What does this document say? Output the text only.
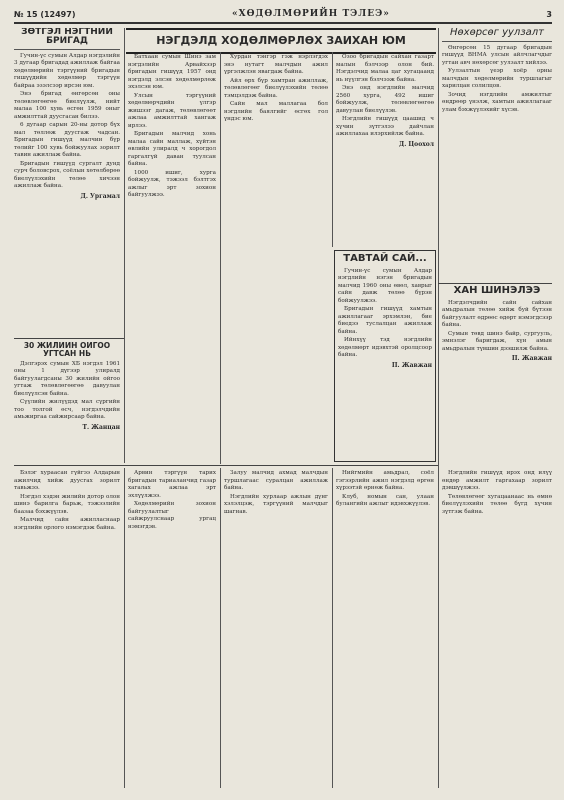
№ 15 (12497)	«ХӨДӨЛМӨРИЙН ТЭЛЕЭ»	3
НЭГДЭЛД ХОДӨЛМӨРЛӨХ ЗАИХАН ЮМ
ЗӨТГЭЛ НЭГТНИЙ БРИГАД

Гучин-үс сумын Алдар нэгдэлийн 3 дугаар бригадад ажиллаж байгаа хөдөлмөрийн тэргүүний бригадын гишүүдийн хөдөлмөр тэргүүн байраа эзэлсээр ирсэн юм.

Энэ бригад өнгөрсөн оны төлөвлөгөөгөө биелүүлж, нийт малаа 100 хувь өсгөн 1959 оныг амжилттай дуусгасан билээ.

6 дугаар сарын 20-ны дотор бүх мал төллөж дуусгаж чадсан. Бригадын гишүүд малчин бүр төлийг 100 хувь бойжуулах зорилт тавин ажиллаж байна.

Бригадын гишүүд сургалт дунд сурч боловсрох, соёлын хөтөлбөрөө биелүүлэхийн төлөө хичээн ажиллаж байна.

Д. Ургамал
30 ЖИЛИЙН ОЙГОО УГТСАН НЬ

Дэлгэрэх сумын ХБ нэгдэл 1961 оны 1 дүгээр улиралд байгуулагдсаны 30 жилийн ойгоо угтаж төлөвлөгөөгөө давуулан биелүүлсэн байна.

Сүүлийн жилүүдэд мал сүргийн тоо толгой өсч, нэгдэлчдийн амьжиргаа сайжирсаар байна.

Т. Жанцан

Батхаан сумын Шинэ зам нэгдэлийн Арвайхээр бригадын гишүүд 1957 онд нэгдэлд элсэн хөдөлмөрлөж эхэлсэн юм.

Улсын тэргүүний хөдөлмөрчдийн үлгэр жишээг дагаж, төлөвлөгөөт ажлаа амжилттай хангаж ирлээ.

Бригадын малчид хонь малаа сайн маллаж, хүйтэн өвлийн улиралд ч хорогдол гаргалгүй даван туулсан байна.

1000 ишиг, хурга бойжуулж, тэжээл бэлтгэх ажлыг эрт зохион байгуулжээ.

Хурдан тэнгэр гэж нэрлэгдэх энэ нутагт малчдын ажил үргэлжлэн явагдаж байна.

Айл өрх бүр хамтран ажиллаж, төлөвлөгөөг биелүүлэхийн төлөө тэмцэлдэж байна.

Сайн мал маллагаа бол нэгдлийн баялгийг өсгөх гол үндэс юм.

Озоо бригадын сайхан газарт малын бэлчээр олон бий. Нэгдэлчид малаа цаг хугацаанд нь нүүлгэн бэлчээж байна.

Энэ онд нэгдлийн малчид 2560 хурга, 492 ишиг бойжуулж, төлөвлөгөөгөө давуулан биелүүлэв.

Нэгдлийн гишүүд цаашид ч хүчин зүтгэлээ дайчлан ажиллахаа илэрхийлж байна.

Д. Цоохол
ТАВТАЙ САЙ...

Гучин-үс сумын Алдар нэгдлийн нэгэн бригадын малчид 1960 оны өвөл, хаврыг сайн давж төлөө бүрэн бойжуулжээ.

Бригадын гишүүд хамтын ажиллагааг эрхэмлэн, бие биедээ туслалцан ажиллаж байна.

Ийнхүү тэд нэгдлийн хөдөлмөрт идэвхтэй оролцсоор байна.

П. Жавжан
Нөхөрсөг уулзалт

Өнгөрсөн 15 дугаар бригадын гишүүд ВНМА улсын айлчлагчдыг угтан авч нөхөрсөг уулзалт хийлээ.

Уулзалтын үеэр хоёр орны малчдын хөдөлмөрийн туршлагыг харилцан солилцов.

Зочид нэгдлийн амжилтыг өндрөөр үнэлж, хамтын ажиллагааг улам бэхжүүлэхийг хүсэв.

ХАН ШИНЭЛЭЭ

Нэгдэлчдийн сайн сайхан амьдралын төлөө хийж буй бүтээн байгуулалт өдрөөс өдөрт нэмэгдсээр байна.

Сумын төвд шинэ байр, сургууль, эмнэлэг баригдаж, хүн амын амьдралын түвшин дээшилж байна.

П. Жавжан

Бэлэг хураасан гүйгээ Алдарын ажилчид хийж дуусгах зорилт тавьжээ.

Нэгдэл хэдэн жилийн дотор олон шинэ барилга барьж, тэжээлийн баазаа бэхжүүлэв.

Малчид сайн ажилласнаар нэгдлийн орлого нэмэгдэж байна.

Арвин тэргүүн тарих бригадын тариаланчид газар хагалах ажлаа эрт эхлүүлжээ.

Хөдөлмөрийн зохион байгуулалтыг сайжруулснаар ургац нэмэгдэв.

Залуу малчид ахмад малчдын туршлагаас суралцан ажиллаж байна.

Нэгдлийн хурлаар ажлын дүнг хэлэлцэж, тэргүүний малчдыг шагнав.

Нийгмийн амьдрал, соёл гэгээрлийн ажил нэгдэлд өргөн хүрээтэй өрнөж байна.

Клуб, номын сан, улаан булангийн ажлыг идэвхжүүлэв.

Нэгдлийн гишүүд ирэх онд илүү өндөр амжилт гаргахаар зорилт дэвшүүлжээ.

Төлөвлөгөөг хугацаанаас нь өмнө биелүүлэхийн төлөө бүгд хүчин зүтгэж байна.
